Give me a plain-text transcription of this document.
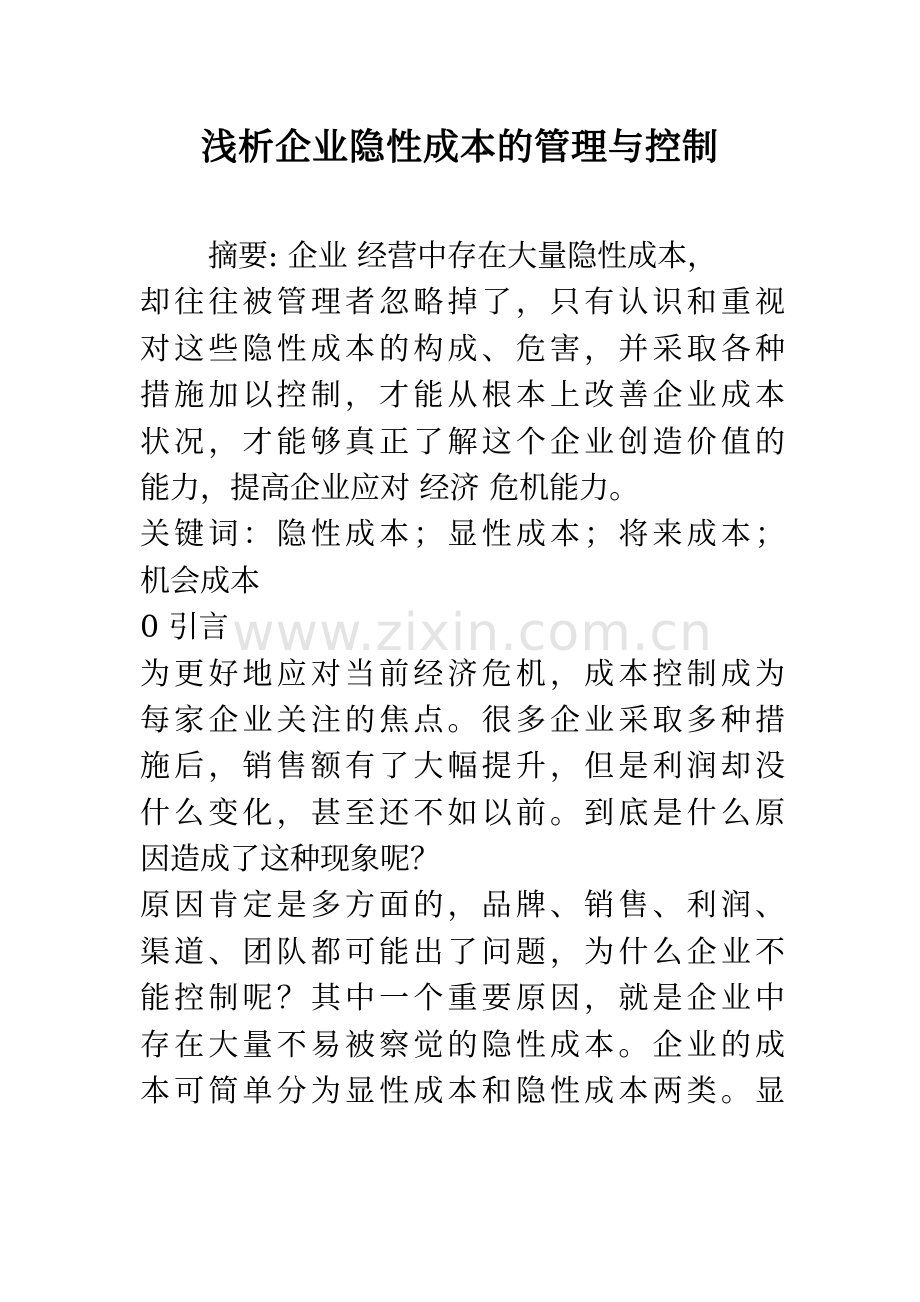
www.zixin.com.cn
浅析企业隐性成本的管理与控制
摘要: 企业 经营中存在大量隐性成本，
却往往被管理者忽略掉了，只有认识和重视
对这些隐性成本的构成、危害，并采取各种
措施加以控制，才能从根本上改善企业成本
状况，才能够真正了解这个企业创造价值的
能力，提高企业应对 经济 危机能力。
关键词：隐性成本；显性成本；将来成本；
机会成本
0 引言
为更好地应对当前经济危机，成本控制成为
每家企业关注的焦点。很多企业采取多种措
施后，销售额有了大幅提升，但是利润却没
什么变化，甚至还不如以前。到底是什么原
因造成了这种现象呢？
原因肯定是多方面的，品牌、销售、利润、
渠道、团队都可能出了问题，为什么企业不
能控制呢？其中一个重要原因，就是企业中
存在大量不易被察觉的隐性成本。企业的成
本可简单分为显性成本和隐性成本两类。显
